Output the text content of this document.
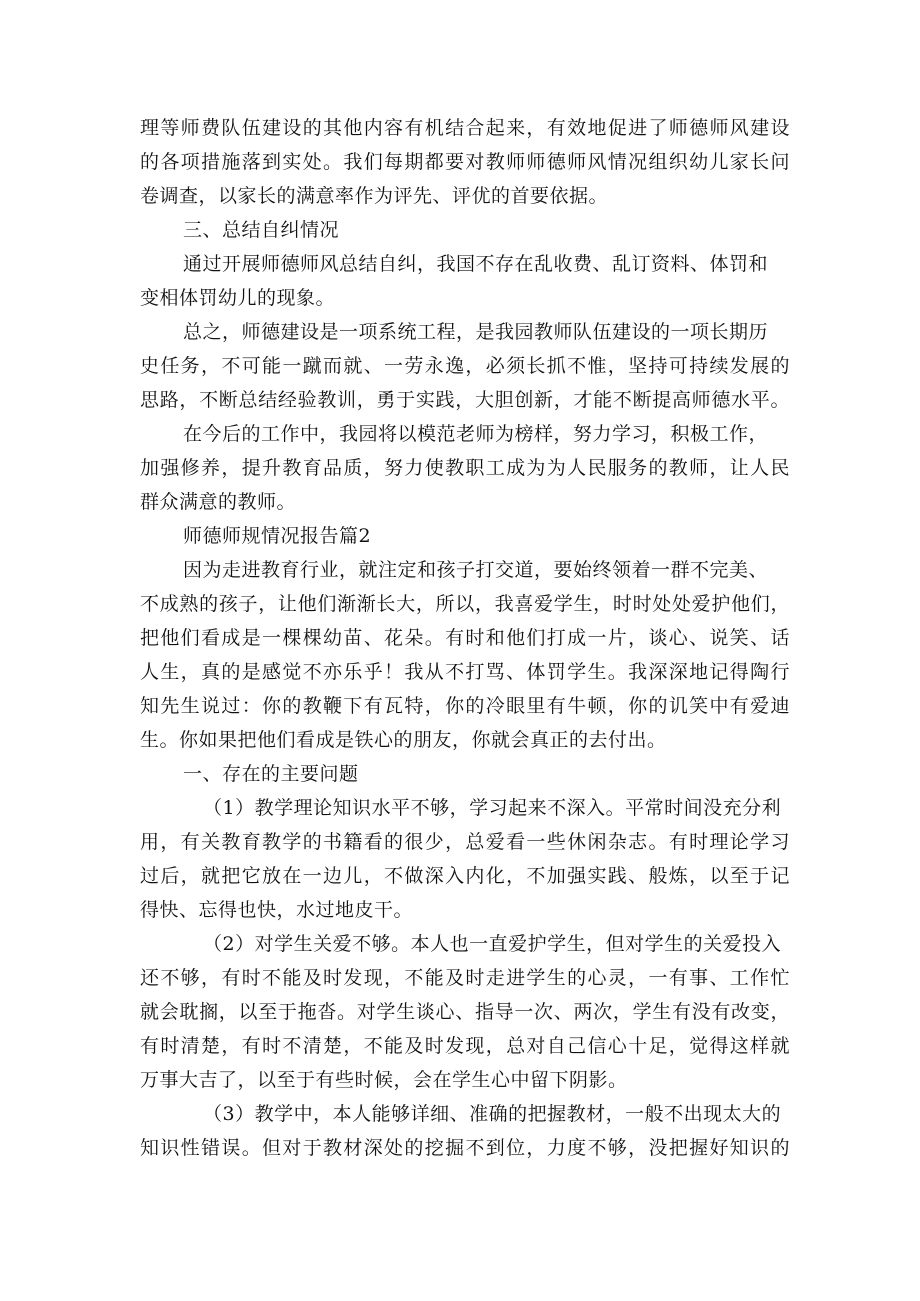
理等师费队伍建设的其他内容有机结合起来，有效地促进了师德师风建设
的各项措施落到实处。我们每期都要对教师师德师风情况组织幼儿家长问
卷调查，以家长的满意率作为评先、评优的首要依据。
三、总结自纠情况
通过开展师德师风总结自纠，我国不存在乱收费、乱订资料、体罚和
变相体罚幼儿的现象。
总之，师德建设是一项系统工程，是我园教师队伍建设的一项长期历
史任务，不可能一蹴而就、一劳永逸，必须长抓不惟，坚持可持续发展的
思路，不断总结经验教训，勇于实践，大胆创新，才能不断提高师德水平。
在今后的工作中，我园将以模范老师为榜样，努力学习，积极工作，
加强修养，提升教育品质，努力使教职工成为为人民服务的教师，让人民
群众满意的教师。
师德师规情况报告篇2
因为走进教育行业，就注定和孩子打交道，要始终领着一群不完美、
不成熟的孩子，让他们渐渐长大，所以，我喜爱学生，时时处处爱护他们，
把他们看成是一棵棵幼苗、花朵。有时和他们打成一片，谈心、说笑、话
人生，真的是感觉不亦乐乎！我从不打骂、体罚学生。我深深地记得陶行
知先生说过：你的教鞭下有瓦特，你的冷眼里有牛顿，你的讥笑中有爱迪
生。你如果把他们看成是铁心的朋友，你就会真正的去付出。
一、存在的主要问题
（1）教学理论知识水平不够，学习起来不深入。平常时间没充分利
用，有关教育教学的书籍看的很少，总爱看一些休闲杂志。有时理论学习
过后，就把它放在一边儿，不做深入内化，不加强实践、般炼，以至于记
得快、忘得也快，水过地皮干。
（2）对学生关爱不够。本人也一直爱护学生，但对学生的关爱投入
还不够，有时不能及时发现，不能及时走进学生的心灵，一有事、工作忙
就会耽搁，以至于拖沓。对学生谈心、指导一次、两次，学生有没有改变，
有时清楚，有时不清楚，不能及时发现，总对自己信心十足，觉得这样就
万事大吉了，以至于有些时候，会在学生心中留下阴影。
（3）教学中，本人能够详细、准确的把握教材，一般不出现太大的
知识性错误。但对于教材深处的挖掘不到位，力度不够，没把握好知识的
